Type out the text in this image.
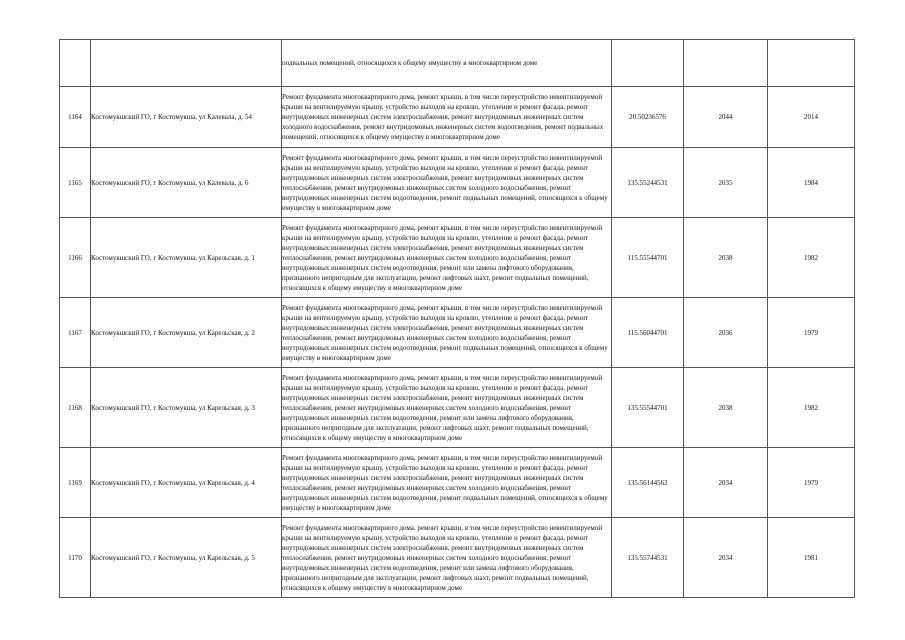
		подвальных помещений, относящихся к общему имуществу в многоквартирном доме			

1164	Костомукшский ГО, г Костомукша, ул Калевала, д. 54	Ремонт фундамента многоквартирного дома, ремонт крыши, в том числе переустройство невентилируемой крыши на вентилируемую крышу, устройство выходов на кровлю, утепление и ремонт фасада, ремонт внутридомовых инженерных систем электроснабжения, ремонт внутридомовых инженерных систем холодного водоснабжения, ремонт внутридомовых инженерных систем водоотведения, ремонт подвальных помещений, относящихся к общему имуществу в многоквартирном доме	20.50236576	2044	2014
1165	Костомукшский ГО, г Костомукша, ул Калевала, д. 6	Ремонт фундамента многоквартирного дома, ремонт крыши, в том числе переустройство невентилируемой крыши на вентилируемую крышу, устройство выходов на кровлю, утепление и ремонт фасада, ремонт внутридомовых инженерных систем электроснабжения, ремонт внутридомовых инженерных систем теплоснабжения, ремонт внутридомовых инженерных систем холодного водоснабжения, ремонт внутридомовых инженерных систем водоотведения, ремонт подвальных помещений, относящихся к общему имуществу в многоквартирном доме	135.55244531	2035	1984
1166	Костомукшский ГО, г Костомукша, ул Карельская, д. 1	Ремонт фундамента многоквартирного дома, ремонт крыши, в том числе переустройство невентилируемой крыши на вентилируемую крышу, устройство выходов на кровлю, утепление и ремонт фасада, ремонт внутридомовых инженерных систем электроснабжения, ремонт внутридомовых инженерных систем теплоснабжения, ремонт внутридомовых инженерных систем холодного водоснабжения, ремонт внутридомовых инженерных систем водоотведения, ремонт или замена лифтового оборудования, признанного непригодным для эксплуатации, ремонт лифтовых шахт, ремонт подвальных помещений, относящихся к общему имуществу в многоквартирном доме	115.55544701	2038	1982
1167	Костомукшский ГО, г Костомукша, ул Карельская, д. 2	Ремонт фундамента многоквартирного дома, ремонт крыши, в том числе переустройство невентилируемой крыши на вентилируемую крышу, устройство выходов на кровлю, утепление и ремонт фасада, ремонт внутридомовых инженерных систем электроснабжения, ремонт внутридомовых инженерных систем теплоснабжения, ремонт внутридомовых инженерных систем холодного водоснабжения, ремонт внутридомовых инженерных систем водоотведения, ремонт подвальных помещений, относящихся к общему имуществу в многоквартирном доме	115.56044701	2036	1979
1168	Костомукшский ГО, г Костомукша, ул Карельская, д. 3	Ремонт фундамента многоквартирного дома, ремонт крыши, в том числе переустройство невентилируемой крыши на вентилируемую крышу, устройство выходов на кровлю, утепление и ремонт фасада, ремонт внутридомовых инженерных систем электроснабжения, ремонт внутридомовых инженерных систем теплоснабжения, ремонт внутридомовых инженерных систем холодного водоснабжения, ремонт внутридомовых инженерных систем водоотведения, ремонт или замена лифтового оборудования, признанного непригодным для эксплуатации, ремонт лифтовых шахт, ремонт подвальных помещений, относящихся к общему имуществу в многоквартирном доме	135.55544701	2038	1982
1169	Костомукшский ГО, г Костомукша, ул Карельская, д. 4	Ремонт фундамента многоквартирного дома, ремонт крыши, в том числе переустройство невентилируемой крыши на вентилируемую крышу, устройство выходов на кровлю, утепление и ремонт фасада, ремонт внутридомовых инженерных систем электроснабжения, ремонт внутридомовых инженерных систем теплоснабжения, ремонт внутридомовых инженерных систем холодного водоснабжения, ремонт внутридомовых инженерных систем водоотведения, ремонт подвальных помещений, относящихся к общему имуществу в многоквартирном доме	135.56144562	2034	1979
1170	Костомукшский ГО, г Костомукша, ул Карельская, д. 5	Ремонт фундамента многоквартирного дома, ремонт крыши, в том числе переустройство невентилируемой крыши на вентилируемую крышу, устройство выходов на кровлю, утепление и ремонт фасада, ремонт внутридомовых инженерных систем электроснабжения, ремонт внутридомовых инженерных систем теплоснабжения, ремонт внутридомовых инженерных систем холодного водоснабжения, ремонт внутридомовых инженерных систем водоотведения, ремонт или замена лифтового оборудования, признанного непригодным для эксплуатации, ремонт лифтовых шахт, ремонт подвальных помещений, относящихся к общему имуществу в многоквартирном доме	135.55744531	2034	1981
